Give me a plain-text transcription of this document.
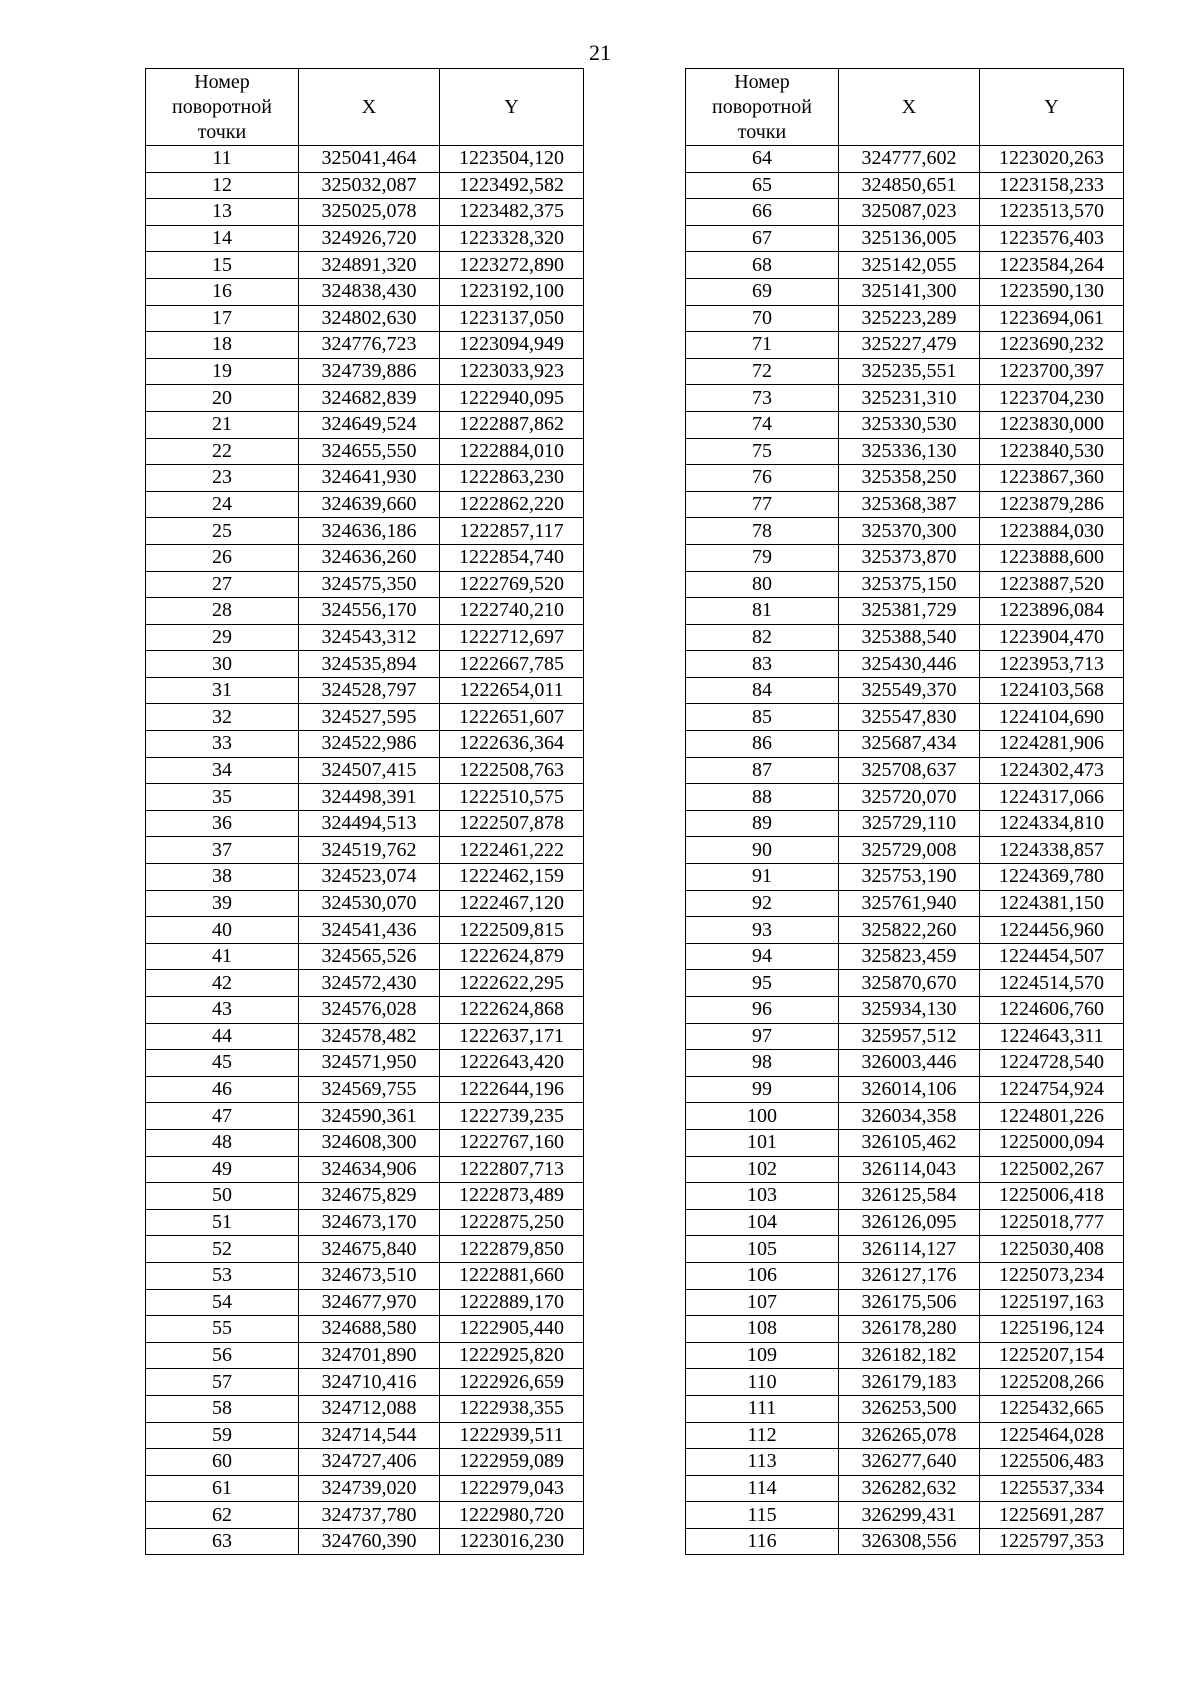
21
Номер поворотной точки	X	Y
11	325041,464	1223504,120
12	325032,087	1223492,582
13	325025,078	1223482,375
14	324926,720	1223328,320
15	324891,320	1223272,890
16	324838,430	1223192,100
17	324802,630	1223137,050
18	324776,723	1223094,949
19	324739,886	1223033,923
20	324682,839	1222940,095
21	324649,524	1222887,862
22	324655,550	1222884,010
23	324641,930	1222863,230
24	324639,660	1222862,220
25	324636,186	1222857,117
26	324636,260	1222854,740
27	324575,350	1222769,520
28	324556,170	1222740,210
29	324543,312	1222712,697
30	324535,894	1222667,785
31	324528,797	1222654,011
32	324527,595	1222651,607
33	324522,986	1222636,364
34	324507,415	1222508,763
35	324498,391	1222510,575
36	324494,513	1222507,878
37	324519,762	1222461,222
38	324523,074	1222462,159
39	324530,070	1222467,120
40	324541,436	1222509,815
41	324565,526	1222624,879
42	324572,430	1222622,295
43	324576,028	1222624,868
44	324578,482	1222637,171
45	324571,950	1222643,420
46	324569,755	1222644,196
47	324590,361	1222739,235
48	324608,300	1222767,160
49	324634,906	1222807,713
50	324675,829	1222873,489
51	324673,170	1222875,250
52	324675,840	1222879,850
53	324673,510	1222881,660
54	324677,970	1222889,170
55	324688,580	1222905,440
56	324701,890	1222925,820
57	324710,416	1222926,659
58	324712,088	1222938,355
59	324714,544	1222939,511
60	324727,406	1222959,089
61	324739,020	1222979,043
62	324737,780	1222980,720
63	324760,390	1223016,230
Номер поворотной точки	X	Y
64	324777,602	1223020,263
65	324850,651	1223158,233
66	325087,023	1223513,570
67	325136,005	1223576,403
68	325142,055	1223584,264
69	325141,300	1223590,130
70	325223,289	1223694,061
71	325227,479	1223690,232
72	325235,551	1223700,397
73	325231,310	1223704,230
74	325330,530	1223830,000
75	325336,130	1223840,530
76	325358,250	1223867,360
77	325368,387	1223879,286
78	325370,300	1223884,030
79	325373,870	1223888,600
80	325375,150	1223887,520
81	325381,729	1223896,084
82	325388,540	1223904,470
83	325430,446	1223953,713
84	325549,370	1224103,568
85	325547,830	1224104,690
86	325687,434	1224281,906
87	325708,637	1224302,473
88	325720,070	1224317,066
89	325729,110	1224334,810
90	325729,008	1224338,857
91	325753,190	1224369,780
92	325761,940	1224381,150
93	325822,260	1224456,960
94	325823,459	1224454,507
95	325870,670	1224514,570
96	325934,130	1224606,760
97	325957,512	1224643,311
98	326003,446	1224728,540
99	326014,106	1224754,924
100	326034,358	1224801,226
101	326105,462	1225000,094
102	326114,043	1225002,267
103	326125,584	1225006,418
104	326126,095	1225018,777
105	326114,127	1225030,408
106	326127,176	1225073,234
107	326175,506	1225197,163
108	326178,280	1225196,124
109	326182,182	1225207,154
110	326179,183	1225208,266
111	326253,500	1225432,665
112	326265,078	1225464,028
113	326277,640	1225506,483
114	326282,632	1225537,334
115	326299,431	1225691,287
116	326308,556	1225797,353
